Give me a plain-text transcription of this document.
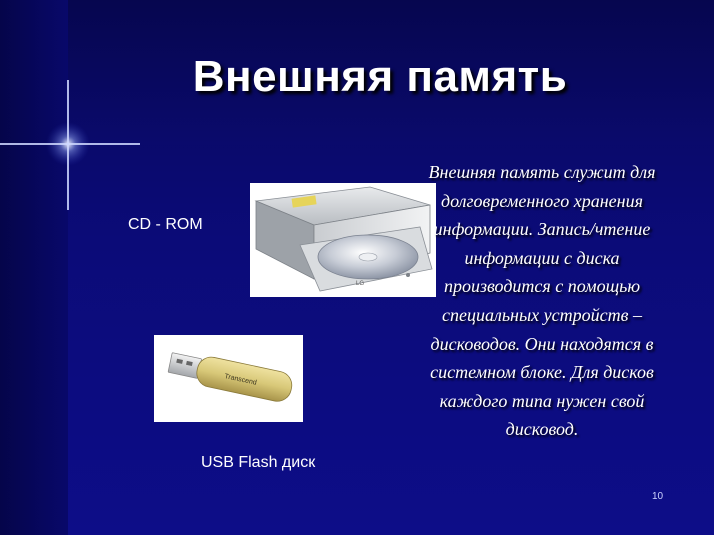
Внешняя память
CD - ROM
LG
Transcend
USB Flash диск
Внешняя память служит для долговременного хранения информации. Запись/чтение информации с диска производится с помощью специальных устройств – дисководов. Они находятся в системном блоке. Для дисков каждого типа нужен свой дисковод.
10
